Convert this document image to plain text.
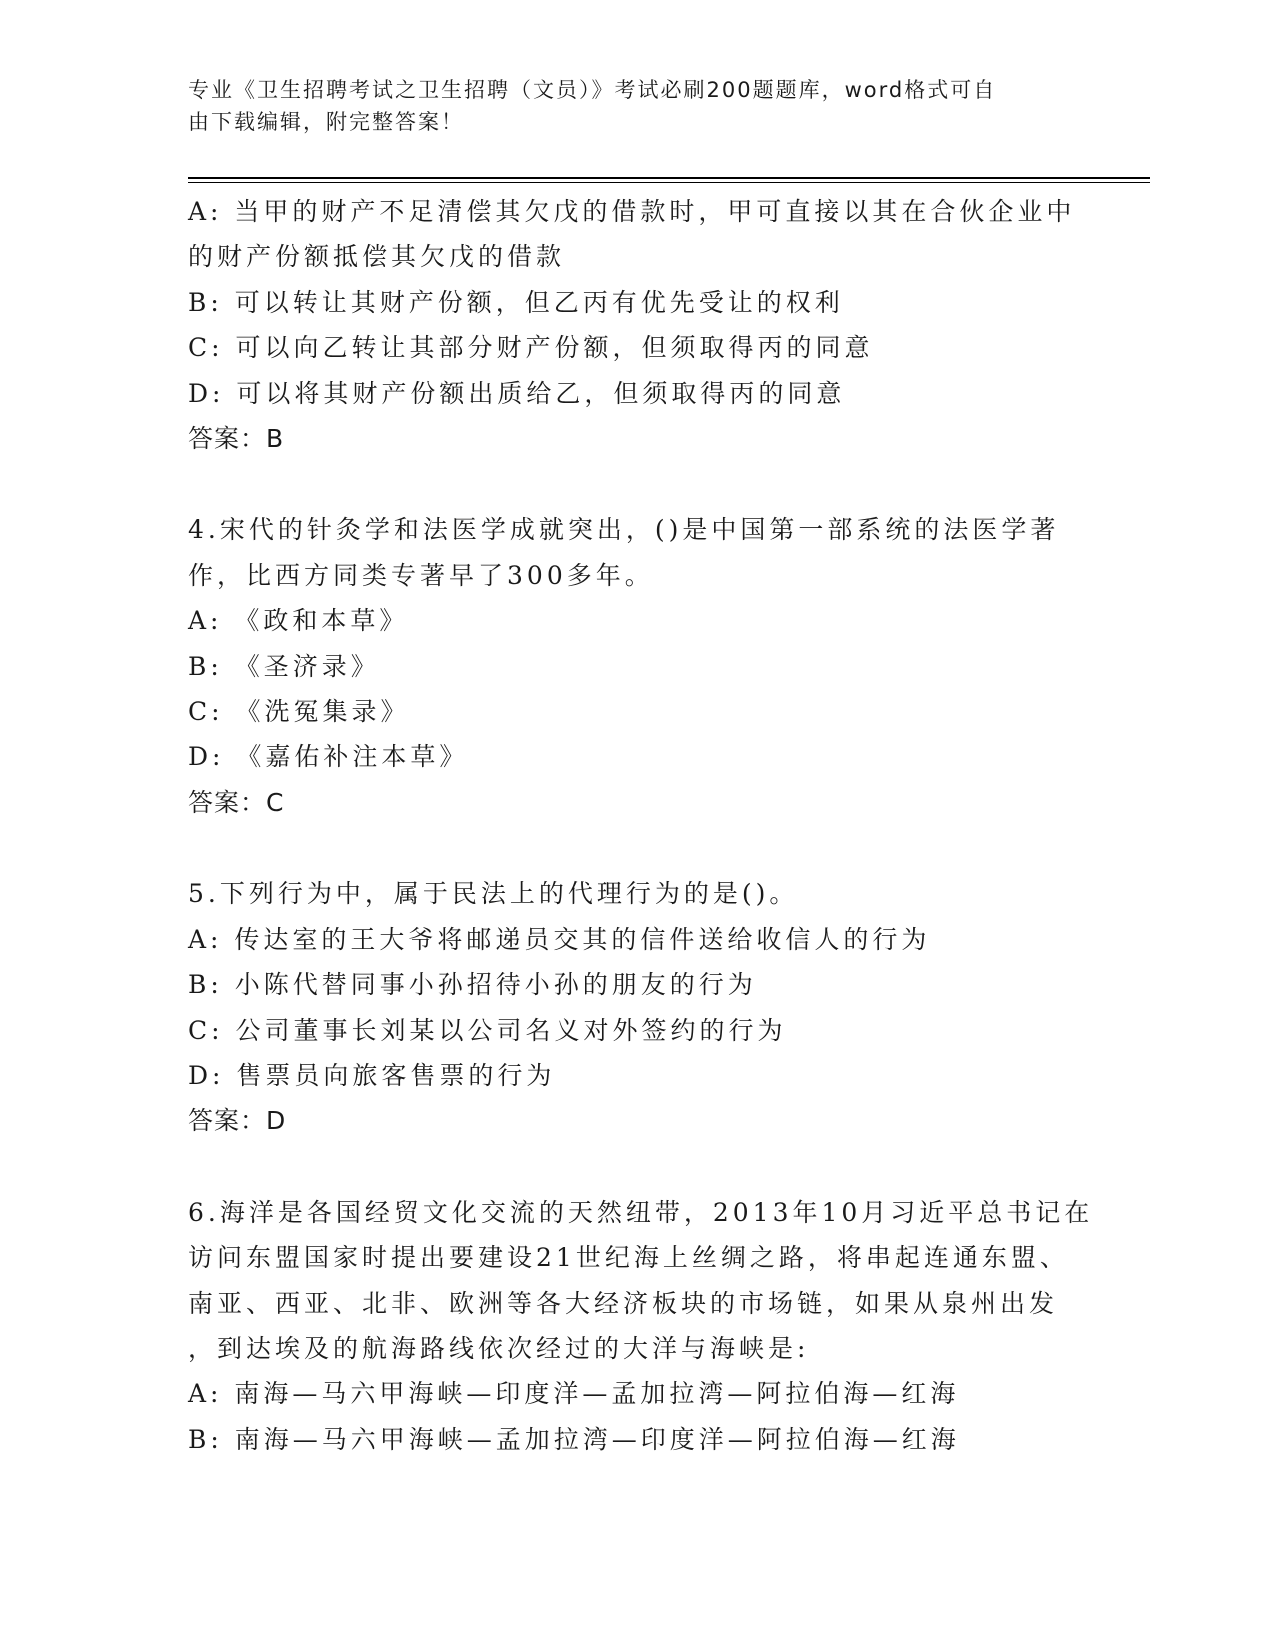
专业《卫生招聘考试之卫生招聘（文员）》考试必刷200题题库，word格式可自
由下载编辑，附完整答案！

A: 当甲的财产不足清偿其欠戊的借款时，甲可直接以其在合伙企业中

的财产份额抵偿其欠戊的借款

B: 可以转让其财产份额，但乙丙有优先受让的权利

C: 可以向乙转让其部分财产份额，但须取得丙的同意

D: 可以将其财产份额出质给乙，但须取得丙的同意

答案：B

4.宋代的针灸学和法医学成就突出，()是中国第一部系统的法医学著

作，比西方同类专著早了300多年。

A: 《政和本草》

B: 《圣济录》

C: 《洗冤集录》

D: 《嘉佑补注本草》

答案：C

5.下列行为中，属于民法上的代理行为的是()。

A: 传达室的王大爷将邮递员交其的信件送给收信人的行为

B: 小陈代替同事小孙招待小孙的朋友的行为

C: 公司董事长刘某以公司名义对外签约的行为

D: 售票员向旅客售票的行为

答案：D

6.海洋是各国经贸文化交流的天然纽带，2013年10月习近平总书记在

访问东盟国家时提出要建设21世纪海上丝绸之路，将串起连通东盟、

南亚、西亚、北非、欧洲等各大经济板块的市场链，如果从泉州出发

，到达埃及的航海路线依次经过的大洋与海峡是:

A: 南海—马六甲海峡—印度洋—孟加拉湾—阿拉伯海—红海

B: 南海—马六甲海峡—孟加拉湾—印度洋—阿拉伯海—红海
